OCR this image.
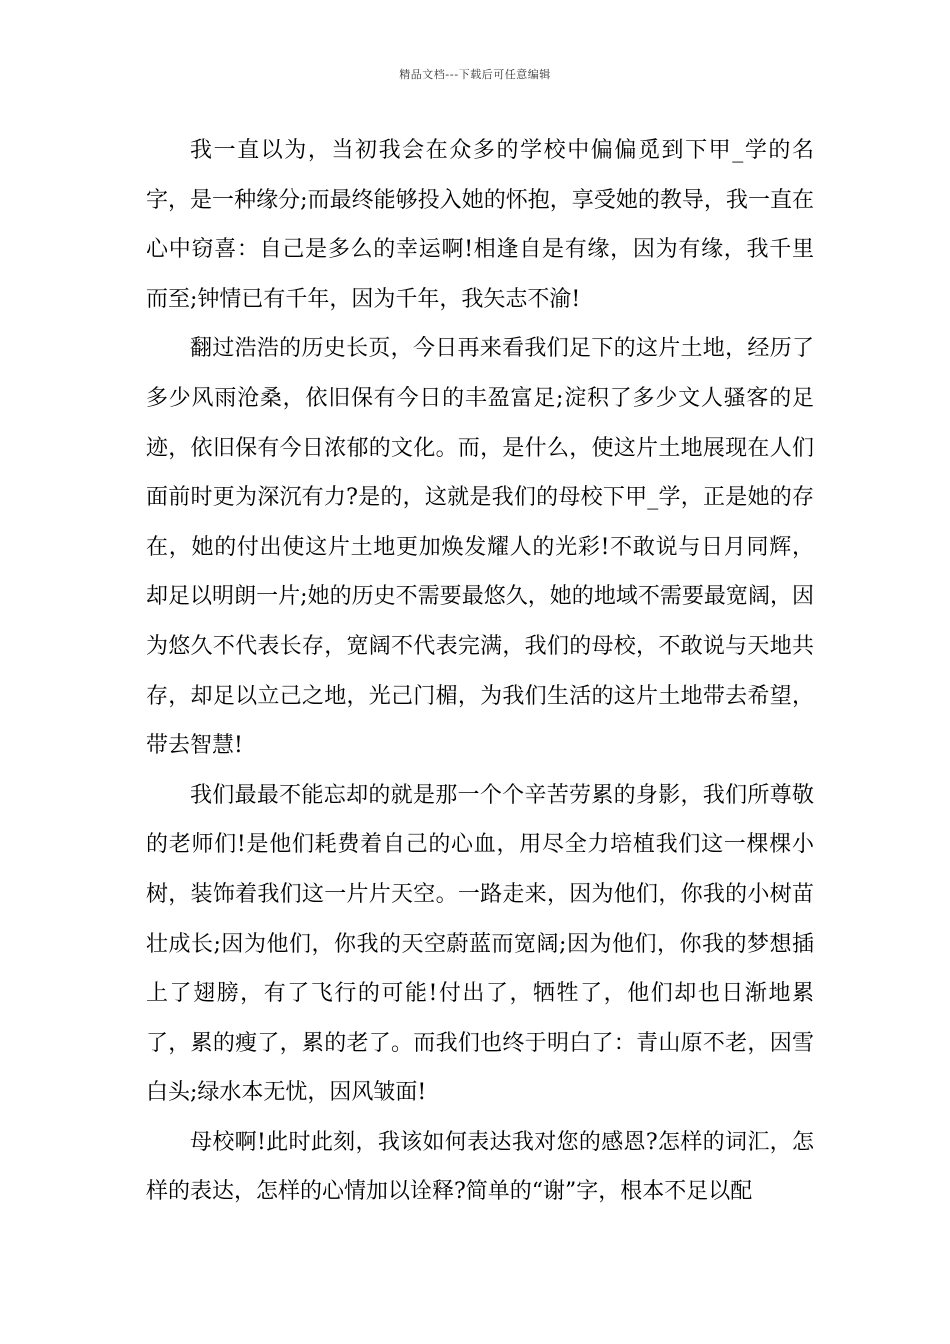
精品文档---下载后可任意编辑

我一直以为，当初我会在众多的学校中偏偏觅到下甲_学的名字，是一种缘分;而最终能够投入她的怀抱，享受她的教导，我一直在心中窃喜：自己是多么的幸运啊!相逢自是有缘，因为有缘，我千里而至;钟情已有千年，因为千年，我矢志不渝!

翻过浩浩的历史长页，今日再来看我们足下的这片土地，经历了多少风雨沧桑，依旧保有今日的丰盈富足;淀积了多少文人骚客的足迹，依旧保有今日浓郁的文化。而，是什么，使这片土地展现在人们面前时更为深沉有力?是的，这就是我们的母校下甲_学，正是她的存在，她的付出使这片土地更加焕发耀人的光彩!不敢说与日月同辉，却足以明朗一片;她的历史不需要最悠久，她的地域不需要最宽阔，因为悠久不代表长存，宽阔不代表完满，我们的母校，不敢说与天地共存，却足以立己之地，光己门楣，为我们生活的这片土地带去希望，带去智慧!

我们最最不能忘却的就是那一个个辛苦劳累的身影，我们所尊敬的老师们!是他们耗费着自己的心血，用尽全力培植我们这一棵棵小树，装饰着我们这一片片天空。一路走来，因为他们，你我的小树苗壮成长;因为他们，你我的天空蔚蓝而宽阔;因为他们，你我的梦想插上了翅膀，有了飞行的可能!付出了，牺牲了，他们却也日渐地累了，累的瘦了，累的老了。而我们也终于明白了：青山原不老，因雪白头;绿水本无忧，因风皱面!

母校啊!此时此刻，我该如何表达我对您的感恩?怎样的词汇，怎样的表达，怎样的心情加以诠释?简单的“谢”字，根本不足以配
